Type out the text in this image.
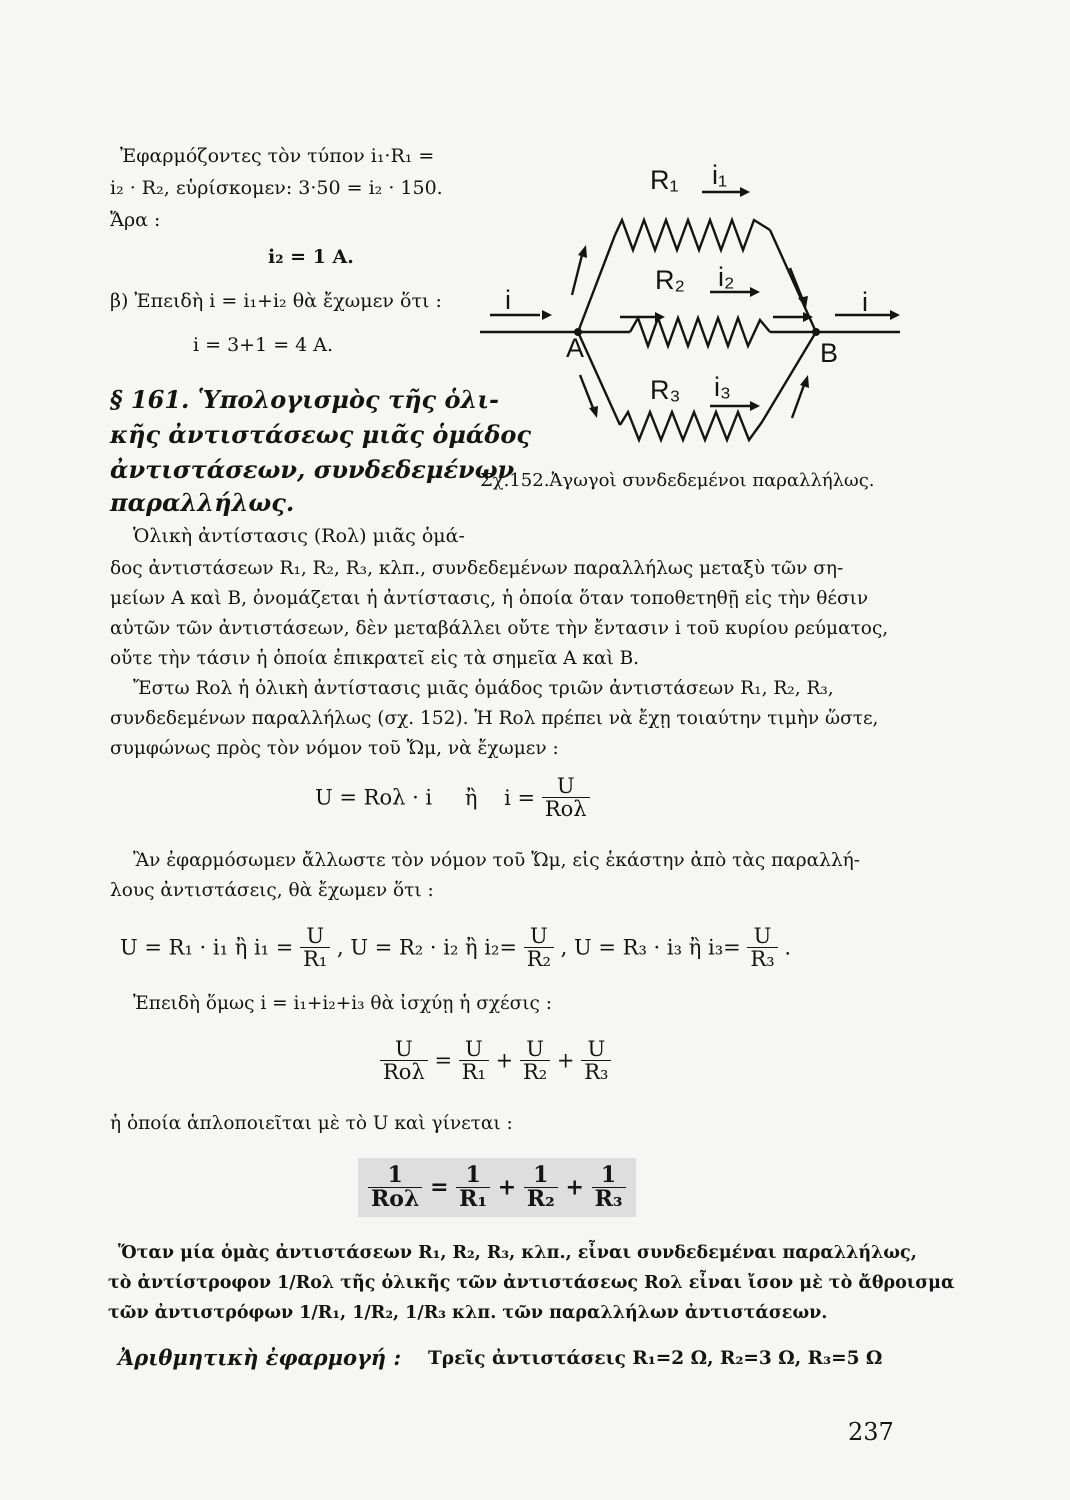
Ἐφαρμόζοντες τὸν τύπον i₁·R₁ =
i₂ · R₂, εὑρίσκομεν: 3·50 = i₂ · 150.
Ἄρα :
i₂ = 1 A.
β) Ἐπειδὴ i = i₁+i₂ θὰ ἔχωμεν ὅτι :
i = 3+1 = 4 A.
§ 161. Ὑπολογισμὸς τῆς ὁλι-
κῆς ἀντιστάσεως μιᾶς ὁμάδος
ἀντιστάσεων, συνδεδεμένων
παραλλήλως.
R₁ i₁
R₂ i₂
R₃ i₃
i	i
A	B
Σχ.152.Ἀγωγοὶ συνδεδεμένοι παραλλήλως.
Ὁλικὴ ἀντίστασις (Rολ) μιᾶς ὁμά-
δος ἀντιστάσεων R₁, R₂, R₃, κλπ., συνδεδεμένων παραλλήλως μεταξὺ τῶν ση-
μείων A καὶ B, ὀνομάζεται ἡ ἀντίστασις, ἡ ὁποία ὅταν τοποθετηθῇ εἰς τὴν θέσιν
αὐτῶν τῶν ἀντιστάσεων, δὲν μεταβάλλει οὔτε τὴν ἔντασιν i τοῦ κυρίου ρεύματος,
οὔτε τὴν τάσιν ἡ ὁποία ἐπικρατεῖ εἰς τὰ σημεῖα A καὶ B.
Ἔστω Rολ ἡ ὁλικὴ ἀντίστασις μιᾶς ὁμάδος τριῶν ἀντιστάσεων R₁, R₂, R₃,
συνδεδεμένων παραλλήλως (σχ. 152). Ἡ Rολ πρέπει νὰ ἔχῃ τοιαύτην τιμὴν ὥστε,
συμφώνως πρὸς τὸν νόμον τοῦ Ὤμ, νὰ ἔχωμεν :
U = Rολ · i ἢ $i = \frac{U}{\text{Rολ}}$
Ἂν ἐφαρμόσωμεν ἄλλωστε τὸν νόμον τοῦ Ὤμ, εἰς ἑκάστην ἀπὸ τὰς παραλλή-
λους ἀντιστάσεις, θὰ ἔχωμεν ὅτι :
U = R₁ · i₁ ἢ $i_1 = \frac{U}{\text{R₁}}$ , U = R₂ · i₂ ἢ $i_2= \frac{U}{\text{R₂}}$ , U = R₃ · i₃ ἢ $i_3= \frac{U}{\text{R₃}}$ .
Ἐπειδὴ ὅμως i = i₁+i₂+i₃ θὰ ἰσχύῃ ἡ σχέσις :
$\frac{U}{\text{Rολ}} = \frac{U}{\text{R₁}} + \frac{U}{\text{R₂}} + \frac{U}{\text{R₃}}$
ἡ ὁποία ἁπλοποιεῖται μὲ τὸ U καὶ γίνεται :
$\frac{1}{\text{Rολ}} = \frac{1}{\text{R₁}} + \frac{1}{\text{R₂}} + \frac{1}{\text{R₃}}$
Ὅταν μία ὁμὰς ἀντιστάσεων R₁, R₂, R₃, κλπ., εἶναι συνδεδεμέναι παραλλήλως,
τὸ ἀντίστροφον 1/Rολ τῆς ὁλικῆς τῶν ἀντιστάσεως Rολ εἶναι ἴσον μὲ τὸ ἄθροισμα
τῶν ἀντιστρόφων 1/R₁, 1/R₂, 1/R₃ κλπ. τῶν παραλλήλων ἀντιστάσεων.
Ἀριθμητικὴ ἐφαρμογή : Τρεῖς ἀντιστάσεις R₁=2 Ω, R₂=3 Ω, R₃=5 Ω
237
